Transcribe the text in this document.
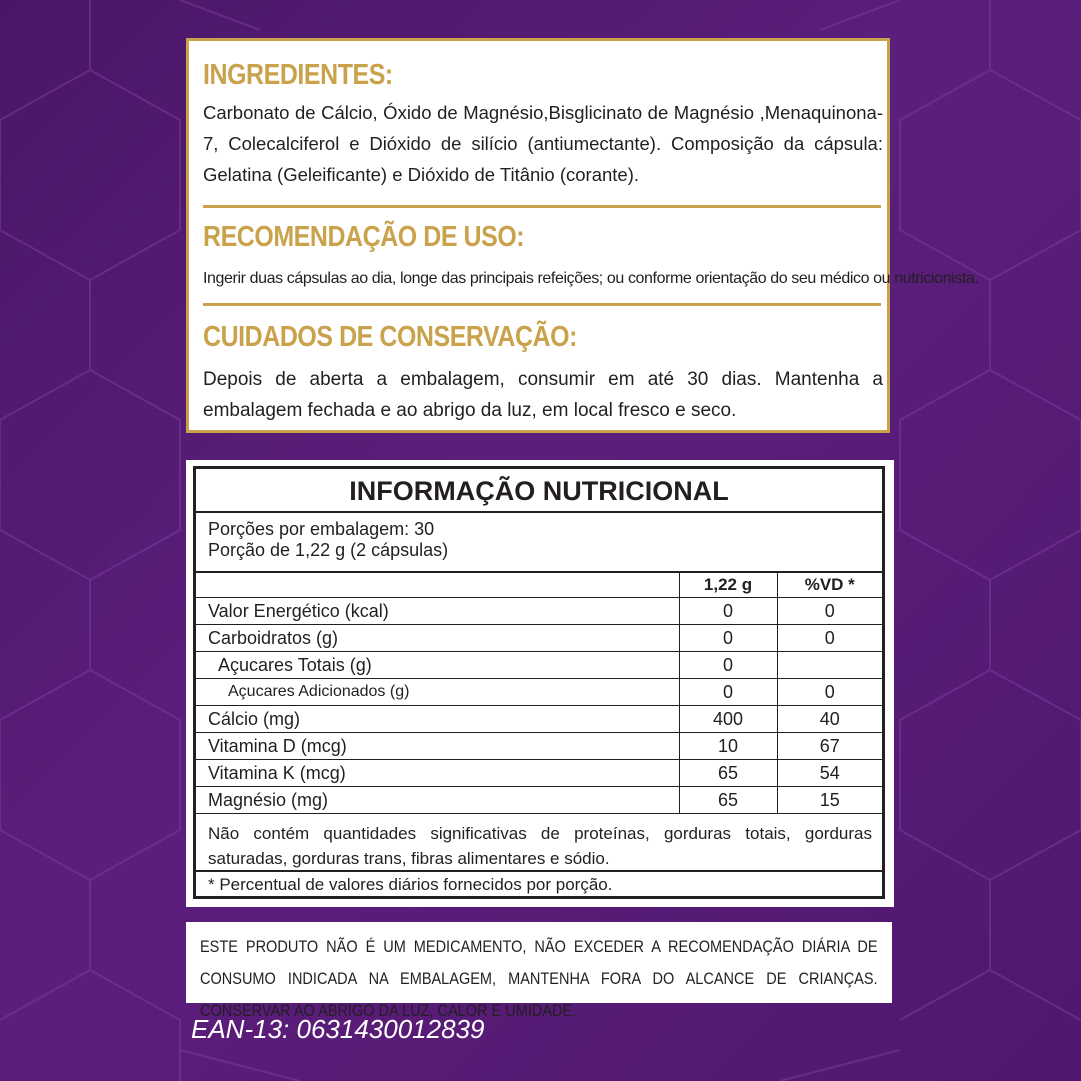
INGREDIENTES:

Carbonato de Cálcio, Óxido de Magnésio,Bisglicinato de Magnésio ,Menaquinona-7, Colecalciferol e Dióxido de silício (antiumectante). Composição da cápsula: Gelatina (Geleificante) e Dióxido de Titânio (corante).

RECOMENDAÇÃO DE USO:

Ingerir duas cápsulas ao dia, longe das principais refeições; ou conforme orientação do seu médico ou nutricionista.

CUIDADOS DE CONSERVAÇÃO:

Depois de aberta a embalagem, consumir em até 30 dias. Mantenha a embalagem fechada e ao abrigo da luz, em local fresco e seco.

INFORMAÇÃO NUTRICIONAL
Porções por embalagem: 30
Porção de 1,22 g (2 cápsulas)
	1,22 g	%VD *
Valor Energético (kcal)	0	0
Carboidratos (g)	0	0
Açucares Totais (g)	0	
Açucares Adicionados (g)	0	0
Cálcio (mg)	400	40
Vitamina D (mcg)	10	67
Vitamina K (mcg)	65	54
Magnésio (mg)	65	15

Não contém quantidades significativas de proteínas, gorduras totais, gorduras saturadas, gorduras trans, fibras alimentares e sódio.

* Percentual de valores diários fornecidos por porção.

ESTE PRODUTO NÃO É UM MEDICAMENTO, NÃO EXCEDER A RECOMENDAÇÃO DIÁRIA DE CONSUMO INDICADA NA EMBALAGEM, MANTENHA FORA DO ALCANCE DE CRIANÇAS. CONSERVAR AO ABRIGO DA LUZ, CALOR E UMIDADE.

EAN-13: 0631430012839
